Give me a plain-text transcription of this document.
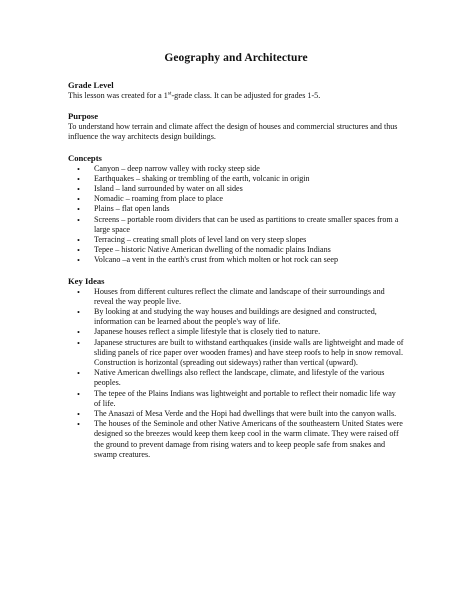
Geography and Architecture

Grade Level

This lesson was created for a 1st-grade class. It can be adjusted for grades 1-5.

Purpose

To understand how terrain and climate affect the design of houses and commercial structures and thus influence the way architects design buildings.

Concepts

• Canyon – deep narrow valley with rocky steep side
• Earthquakes – shaking or trembling of the earth, volcanic in origin
• Island – land surrounded by water on all sides
• Nomadic – roaming from place to place
• Plains – flat open lands
• Screens – portable room dividers that can be used as partitions to create smaller spaces from a large space
• Terracing – creating small plots of level land on very steep slopes
• Tepee – historic Native American dwelling of the nomadic plains Indians
• Volcano –a vent in the earth's crust from which molten or hot rock can seep

Key Ideas

• Houses from different cultures reflect the climate and landscape of their surroundings and reveal the way people live.
• By looking at and studying the way houses and buildings are designed and constructed, information can be learned about the people's way of life.
• Japanese houses reflect a simple lifestyle that is closely tied to nature.
• Japanese structures are built to withstand earthquakes (inside walls are lightweight and made of sliding panels of rice paper over wooden frames) and have steep roofs to help in snow removal. Construction is horizontal (spreading out sideways) rather than vertical (upward).
• Native American dwellings also reflect the landscape, climate, and lifestyle of the various peoples.
• The tepee of the Plains Indians was lightweight and portable to reflect their nomadic life way of life.
• The Anasazi of Mesa Verde and the Hopi had dwellings that were built into the canyon walls.
• The houses of the Seminole and other Native Americans of the southeastern United States were designed so the breezes would keep them keep cool in the warm climate. They were raised off the ground to prevent damage from rising waters and to keep people safe from snakes and swamp creatures.
